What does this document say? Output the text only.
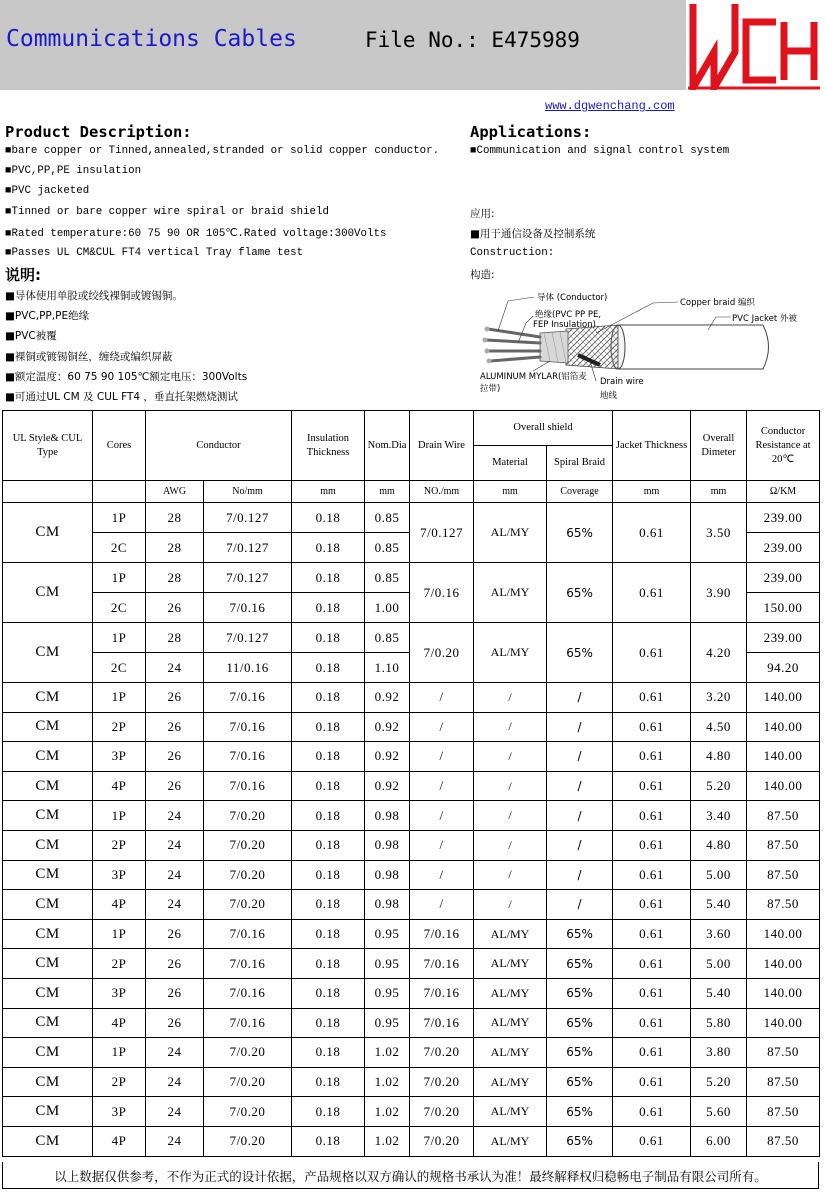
Communications Cables	File No.: E475989
www.dgwenchang.com
Product Description:
■bare copper or Tinned,annealed,stranded or solid copper conductor.
■PVC,PP,PE insulation
■PVC jacketed
■Tinned or bare copper wire spiral or braid shield
■Rated temperature:60 75 90 OR 105℃.Rated voltage:300Volts
■Passes UL CM&CUL FT4 vertical Tray flame test
说明:
■导体使用单股或绞线裸铜或镀锡铜。
■PVC,PP,PE绝缘
■PVC被覆
■裸铜或镀锡铜丝，缠绕或编织屏蔽
■额定温度：60 75 90 105℃额定电压：300Volts
■可通过UL CM 及 CUL FT4 ，垂直托架燃烧测试
Applications:
■Communication and signal control system
应用:
■用于通信设备及控制系统
Construction:
构造:
导体 (Conductor)
绝缘(PVC PP PE,
FEP Insulation)
Copper braid 编织
PVC Jacket 外被
ALUMINUM MYLAR(铝箔麦
拉带)
Drain wire
地线
UL Style& CUL Type	Cores	Conductor		Insulation Thickness	Nom.Dia	Drain Wire	Overall shield		Jacket Thickness	Overall Dimeter	Conductor Resistance at 20℃
							Material	Spiral Braid			
		AWG	No/mm	mm	mm	NO./mm	mm	Coverage	mm	mm	Ω/KM
CM	1P	28	7/0.127	0.18	0.85	7/0.127	AL/MY	65%	0.61	3.50	239.00
	2C	28	7/0.127	0.18	0.85						239.00
CM	1P	28	7/0.127	0.18	0.85	7/0.16	AL/MY	65%	0.61	3.90	239.00
	2C	26	7/0.16	0.18	1.00						150.00
CM	1P	28	7/0.127	0.18	0.85	7/0.20	AL/MY	65%	0.61	4.20	239.00
	2C	24	11/0.16	0.18	1.10						94.20
CM	1P	26	7/0.16	0.18	0.92	/	/	/	0.61	3.20	140.00
CM	2P	26	7/0.16	0.18	0.92	/	/	/	0.61	4.50	140.00
CM	3P	26	7/0.16	0.18	0.92	/	/	/	0.61	4.80	140.00
CM	4P	26	7/0.16	0.18	0.92	/	/	/	0.61	5.20	140.00
CM	1P	24	7/0.20	0.18	0.98	/	/	/	0.61	3.40	87.50
CM	2P	24	7/0.20	0.18	0.98	/	/	/	0.61	4.80	87.50
CM	3P	24	7/0.20	0.18	0.98	/	/	/	0.61	5.00	87.50
CM	4P	24	7/0.20	0.18	0.98	/	/	/	0.61	5.40	87.50
CM	1P	26	7/0.16	0.18	0.95	7/0.16	AL/MY	65%	0.61	3.60	140.00
CM	2P	26	7/0.16	0.18	0.95	7/0.16	AL/MY	65%	0.61	5.00	140.00
CM	3P	26	7/0.16	0.18	0.95	7/0.16	AL/MY	65%	0.61	5.40	140.00
CM	4P	26	7/0.16	0.18	0.95	7/0.16	AL/MY	65%	0.61	5.80	140.00
CM	1P	24	7/0.20	0.18	1.02	7/0.20	AL/MY	65%	0.61	3.80	87.50
CM	2P	24	7/0.20	0.18	1.02	7/0.20	AL/MY	65%	0.61	5.20	87.50
CM	3P	24	7/0.20	0.18	1.02	7/0.20	AL/MY	65%	0.61	5.60	87.50
CM	4P	24	7/0.20	0.18	1.02	7/0.20	AL/MY	65%	0.61	6.00	87.50
以上数据仅供参考，不作为正式的设计依据，产品规格以双方确认的规格书承认为准！最终解释权归稳畅电子制品有限公司所有。
